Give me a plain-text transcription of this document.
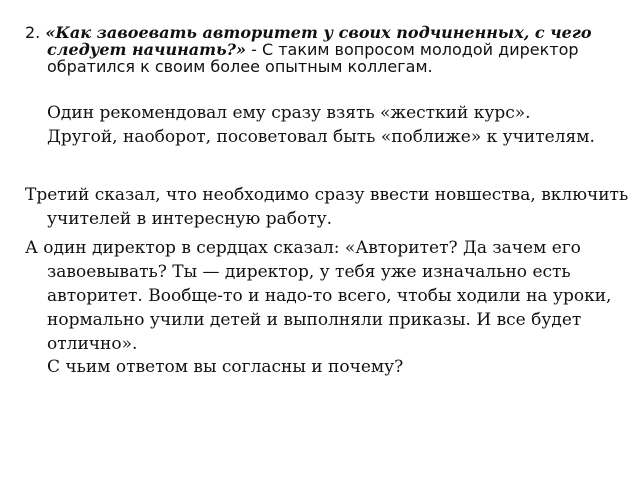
2. «Как завоевать авторитет у своих подчиненных, с чего следует начинать?» - С таким вопросом молодой директор обратился к своим более опытным коллегам.
Один рекомендовал ему сразу взять «жесткий курс».
Другой, наоборот, посоветовал быть «поближе» к учителям.
Третий сказал, что необходимо сразу ввести новшества, включить учителей в интересную работу.
А один директор в сердцах сказал: «Авторитет? Да зачем его завоевывать? Ты — директор, у тебя уже изначально есть авторитет. Вообще-то и надо-то всего, чтобы ходили на уроки, нормально учили детей и выполняли приказы. И все будет отлично».
С чьим ответом вы согласны и почему?
